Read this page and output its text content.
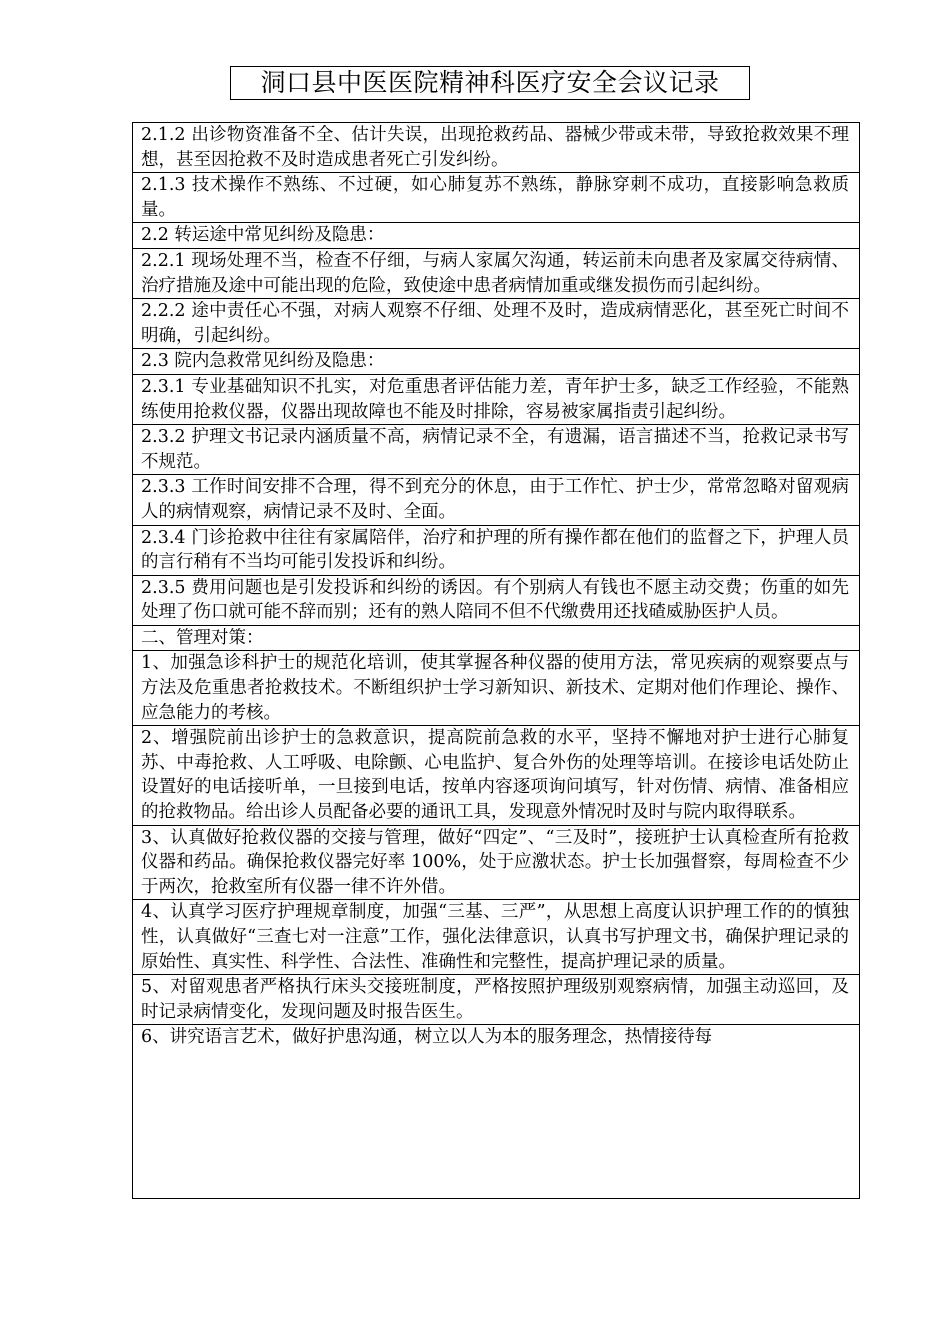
洞口县中医医院精神科医疗安全会议记录

2.1.2 出诊物资准备不全、估计失误，出现抢救药品、器械少带或未带，导致抢救效果不理想，甚至因抢救不及时造成患者死亡引发纠纷。

2.1.3 技术操作不熟练、不过硬，如心肺复苏不熟练，静脉穿刺不成功，直接影响急救质量。

2.2 转运途中常见纠纷及隐患：

2.2.1 现场处理不当，检查不仔细，与病人家属欠沟通，转运前未向患者及家属交待病情、治疗措施及途中可能出现的危险，致使途中患者病情加重或继发损伤而引起纠纷。

2.2.2 途中责任心不强，对病人观察不仔细、处理不及时，造成病情恶化，甚至死亡时间不明确，引起纠纷。

2.3 院内急救常见纠纷及隐患：

2.3.1 专业基础知识不扎实，对危重患者评估能力差，青年护士多，缺乏工作经验，不能熟练使用抢救仪器，仪器出现故障也不能及时排除，容易被家属指责引起纠纷。

2.3.2 护理文书记录内涵质量不高，病情记录不全，有遗漏，语言描述不当，抢救记录书写不规范。

2.3.3 工作时间安排不合理，得不到充分的休息，由于工作忙、护士少，常常忽略对留观病人的病情观察，病情记录不及时、全面。

2.3.4 门诊抢救中往往有家属陪伴，治疗和护理的所有操作都在他们的监督之下，护理人员的言行稍有不当均可能引发投诉和纠纷。

2.3.5 费用问题也是引发投诉和纠纷的诱因。有个别病人有钱也不愿主动交费；伤重的如先处理了伤口就可能不辞而别；还有的熟人陪同不但不代缴费用还找碴威胁医护人员。

二、管理对策：

1、加强急诊科护士的规范化培训，使其掌握各种仪器的使用方法，常见疾病的观察要点与方法及危重患者抢救技术。不断组织护士学习新知识、新技术、定期对他们作理论、操作、应急能力的考核。

2、增强院前出诊护士的急救意识，提高院前急救的水平，坚持不懈地对护士进行心肺复苏、中毒抢救、人工呼吸、电除颤、心电监护、复合外伤的处理等培训。在接诊电话处防止设置好的电话接听单，一旦接到电话，按单内容逐项询问填写，针对伤情、病情、准备相应的抢救物品。给出诊人员配备必要的通讯工具，发现意外情况时及时与院内取得联系。

3、认真做好抢救仪器的交接与管理，做好“四定”、“三及时”，接班护士认真检查所有抢救仪器和药品。确保抢救仪器完好率 100%，处于应激状态。护士长加强督察，每周检查不少于两次，抢救室所有仪器一律不许外借。

4、认真学习医疗护理规章制度，加强“三基、三严”，从思想上高度认识护理工作的的慎独性，认真做好“三查七对一注意”工作，强化法律意识，认真书写护理文书，确保护理记录的原始性、真实性、科学性、合法性、准确性和完整性，提高护理记录的质量。

5、对留观患者严格执行床头交接班制度，严格按照护理级别观察病情，加强主动巡回，及时记录病情变化，发现问题及时报告医生。

6、讲究语言艺术，做好护患沟通，树立以人为本的服务理念，热情接待每
